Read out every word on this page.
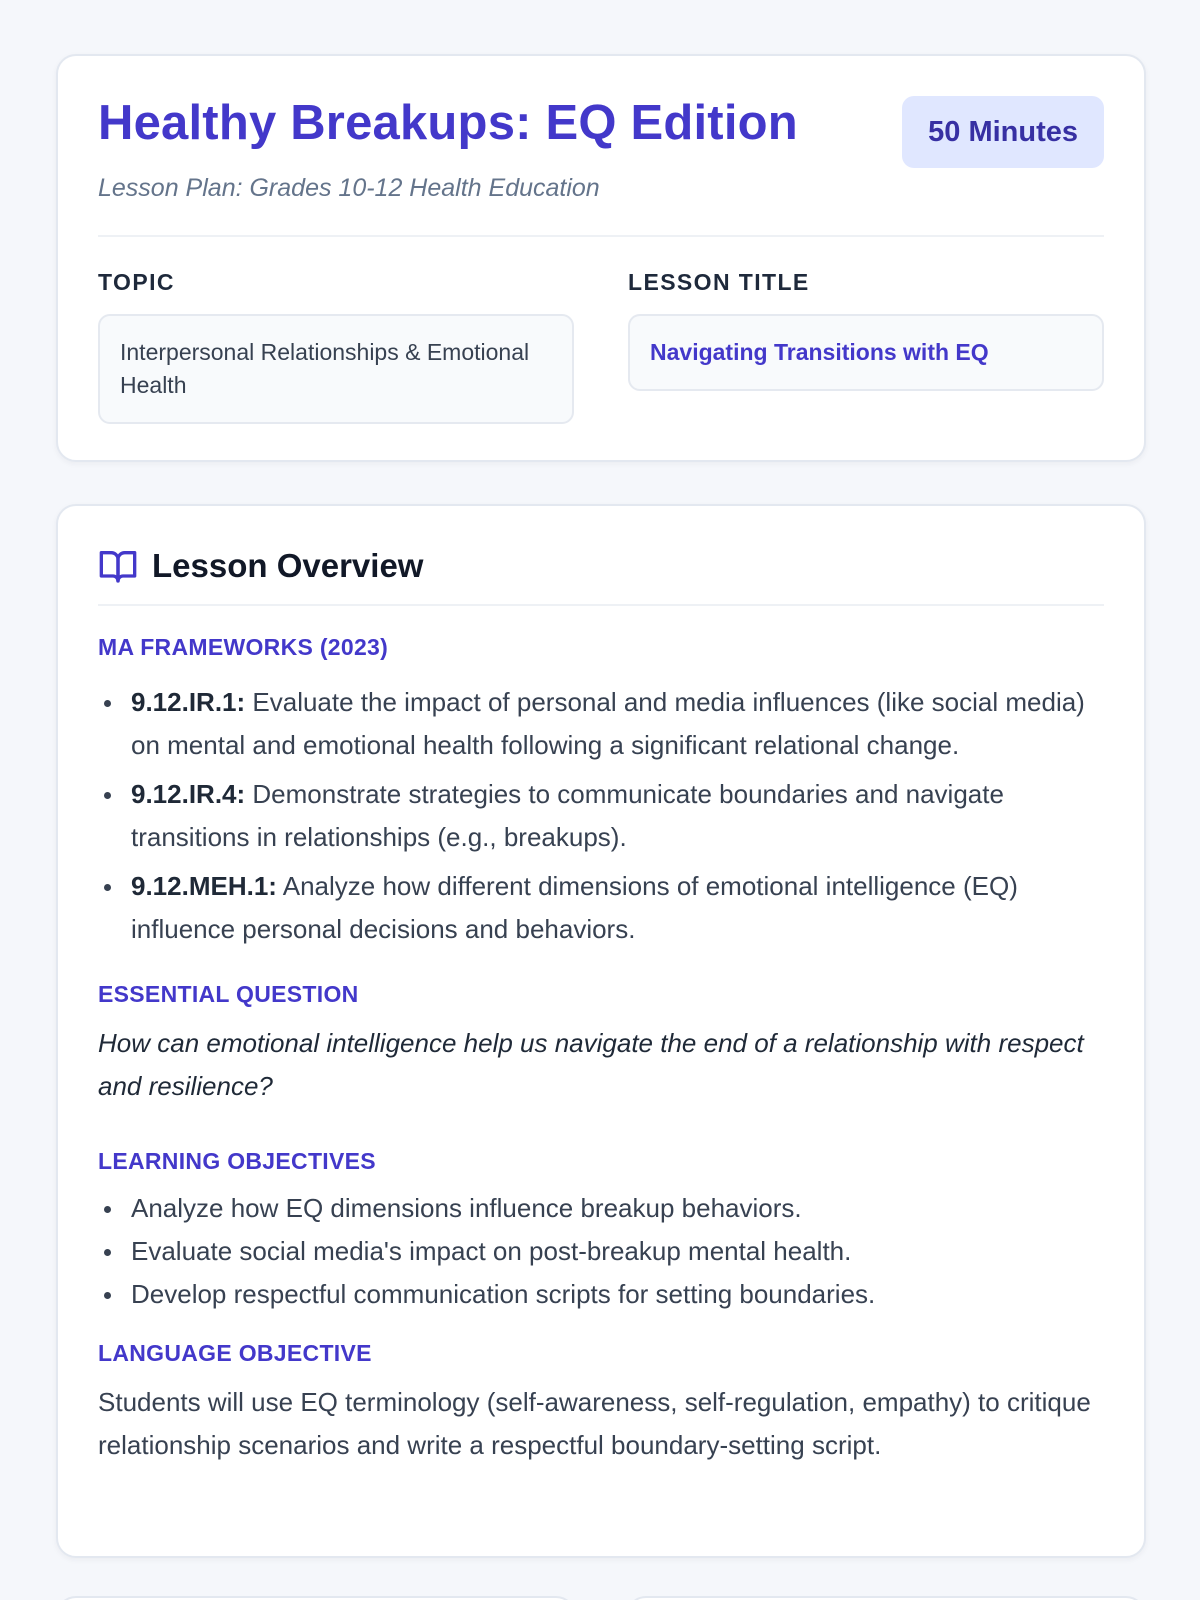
Healthy Breakups: EQ Edition	50 Minutes
Lesson Plan: Grades 10-12 Health Education
TOPIC
Interpersonal Relationships & Emotional Health
LESSON TITLE
Navigating Transitions with EQ
Lesson Overview
MA FRAMEWORKS (2023)
9.12.IR.1: Evaluate the impact of personal and media influences (like social media) on mental and emotional health following a significant relational change.
9.12.IR.4: Demonstrate strategies to communicate boundaries and navigate transitions in relationships (e.g., breakups).
9.12.MEH.1: Analyze how different dimensions of emotional intelligence (EQ) influence personal decisions and behaviors.
ESSENTIAL QUESTION

How can emotional intelligence help us navigate the end of a relationship with respect and resilience?

LEARNING OBJECTIVES
Analyze how EQ dimensions influence breakup behaviors.
Evaluate social media's impact on post-breakup mental health.
Develop respectful communication scripts for setting boundaries.
LANGUAGE OBJECTIVE

Students will use EQ terminology (self-awareness, self-regulation, empathy) to critique relationship scenarios and write a respectful boundary-setting script.
